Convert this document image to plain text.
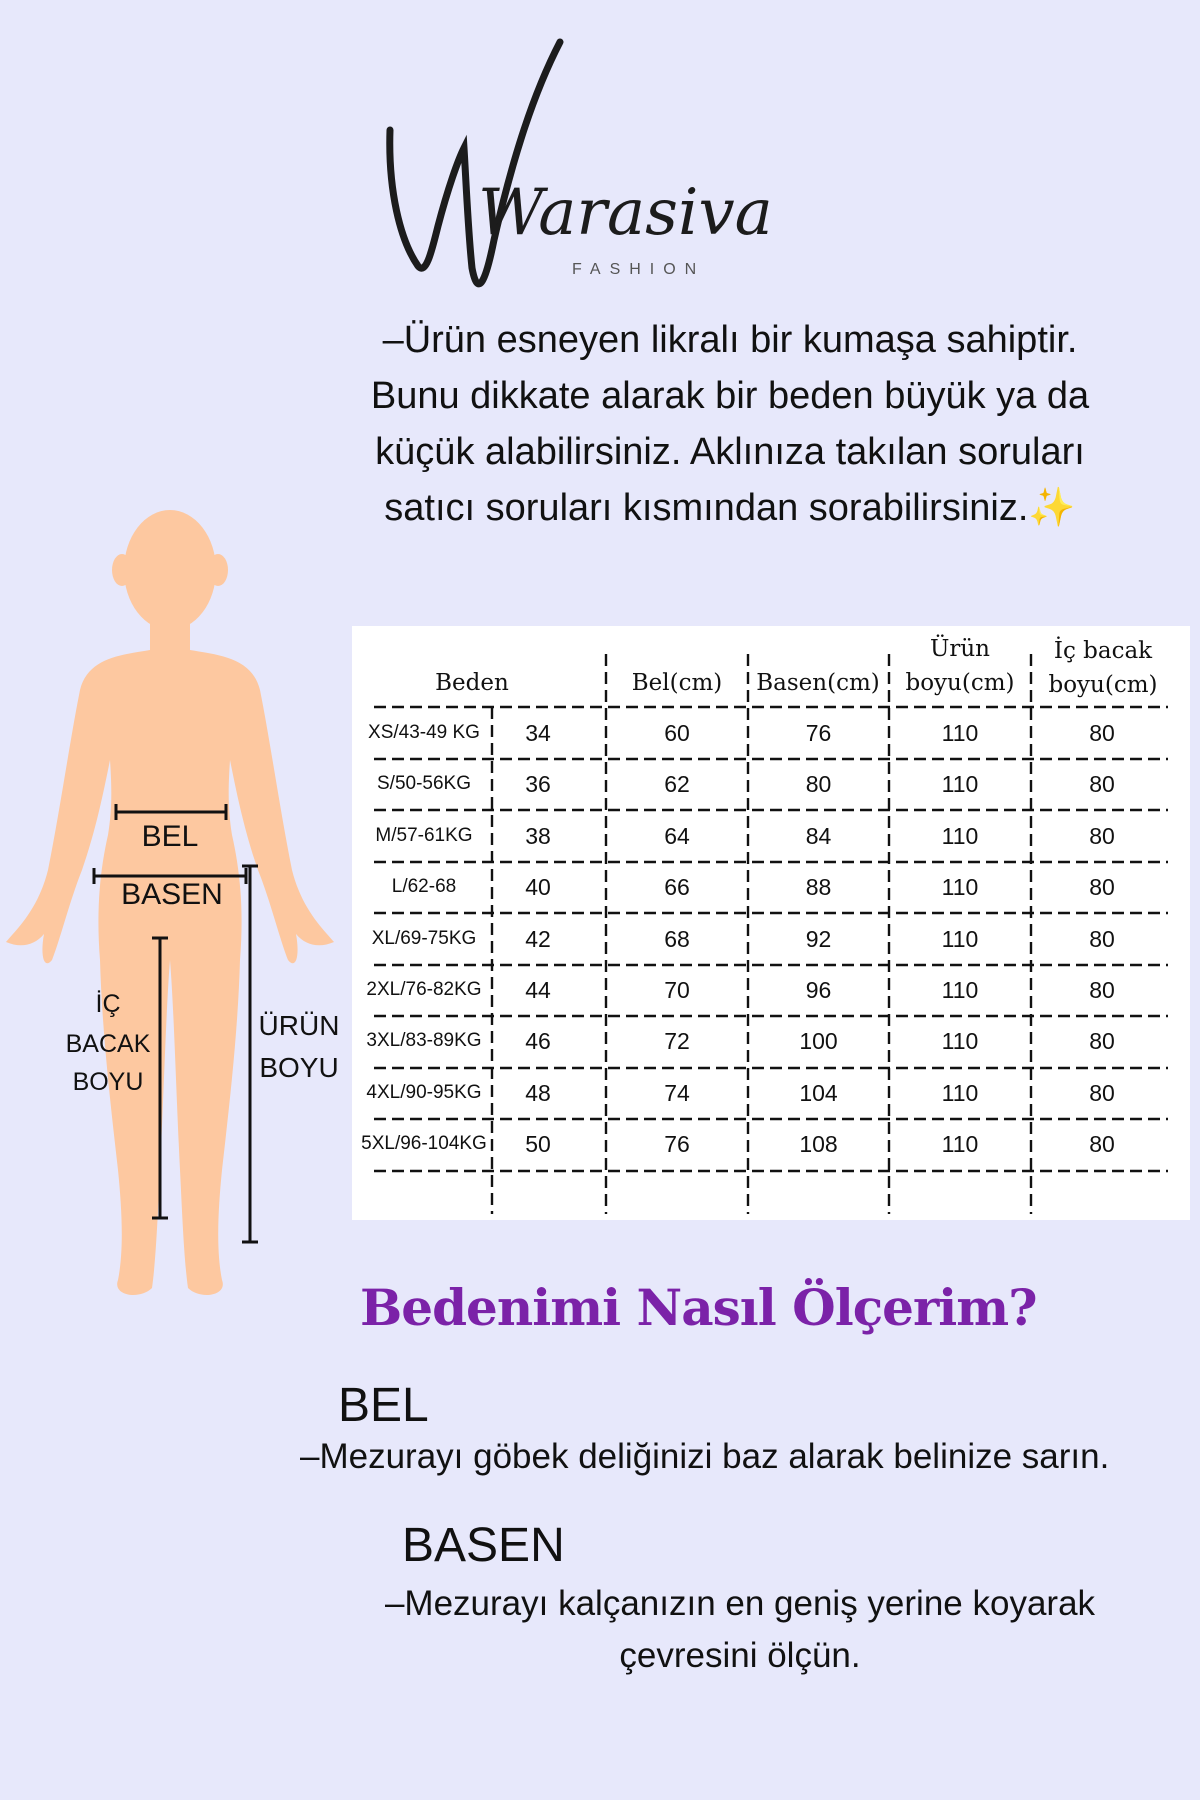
Warasiva
FASHION
–Ürün esneyen likralı bir kumaşa sahiptir.
Bunu dikkate alarak bir beden büyük ya da
küçük alabilirsiniz. Aklınıza takılan soruları
satıcı soruları kısmından sorabilirsiniz.✨
BEL
BASEN
İÇ
BACAK
BOYU
ÜRÜN
BOYU
Beden	Bel(cm)	Basen(cm)
Ürün
boyu(cm)
İç bacak
boyu(cm)
XS/43-49 KG	34	60	76	110	80
S/50-56KG	36	62	80	110	80
M/57-61KG	38	64	84	110	80
L/62-68	40	66	88	110	80
XL/69-75KG	42	68	92	110	80
2XL/76-82KG	44	70	96	110	80
3XL/83-89KG	46	72	100	110	80
4XL/90-95KG	48	74	104	110	80
5XL/96-104KG	50	76	108	110	80
Bedenimi Nasıl Ölçerim?
BEL
–Mezurayı göbek deliğinizi baz alarak belinize sarın.
BASEN
–Mezurayı kalçanızın en geniş yerine koyarak çevresini ölçün.
